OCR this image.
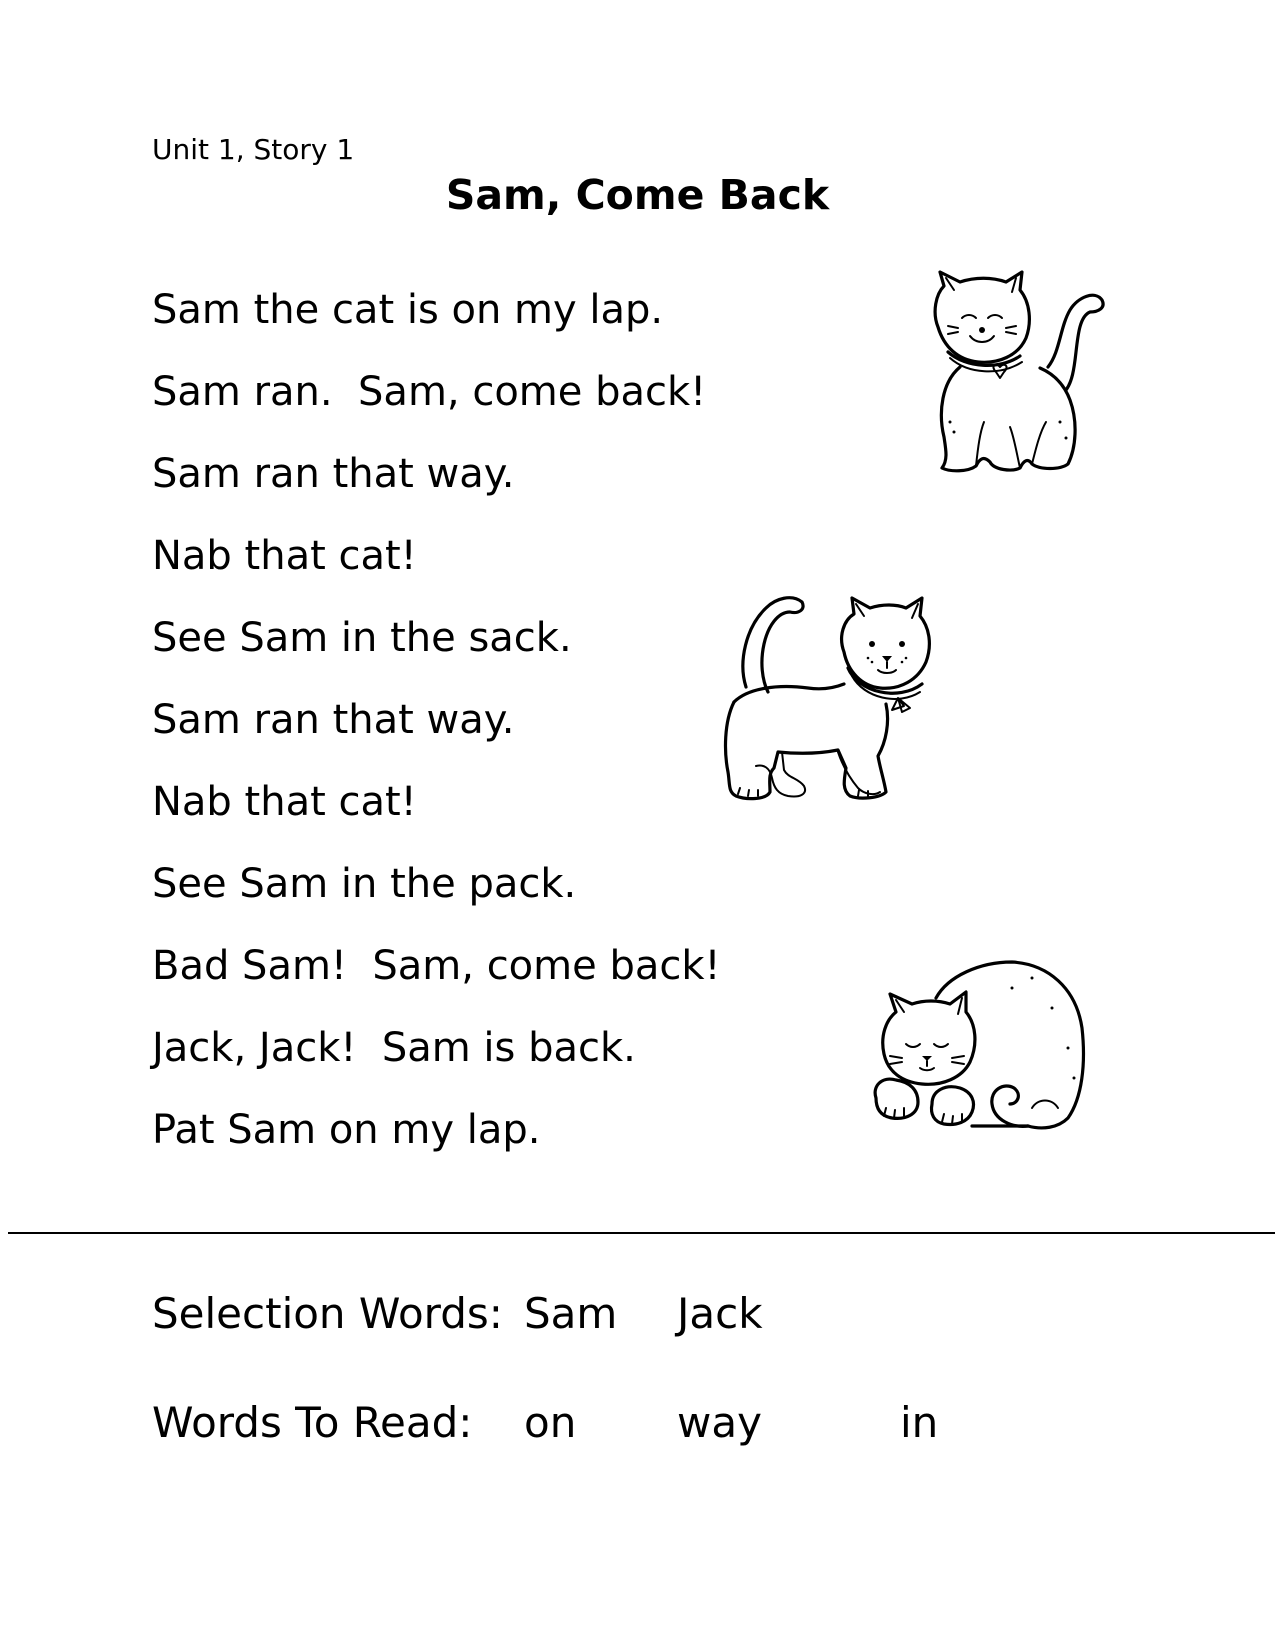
Unit 1, Story 1
Sam, Come Back
Sam the cat is on my lap.
Sam ran.  Sam, come back!
Sam ran that way.
Nab that cat!
See Sam in the sack.
Sam ran that way.
Nab that cat!
See Sam in the pack.
Bad Sam!  Sam, come back!
Jack, Jack!  Sam is back.
Pat Sam on my lap.
Selection Words: Sam Jack
Words To Read: on way	in
